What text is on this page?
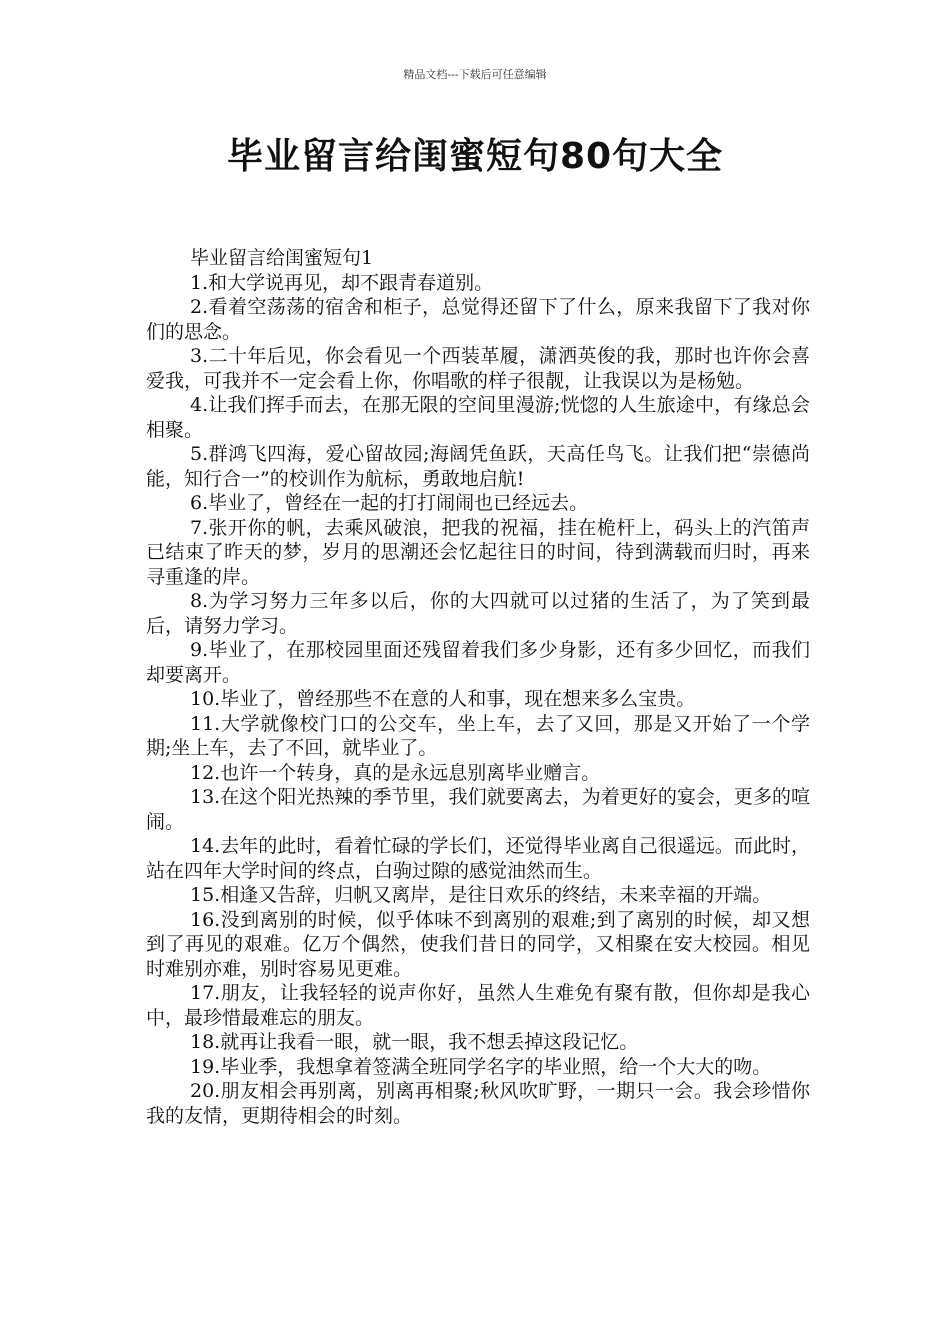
精品文档---下载后可任意编辑
毕业留言给闺蜜短句80句大全

毕业留言给闺蜜短句1

1.和大学说再见，却不跟青春道别。

2.看着空荡荡的宿舍和柜子，总觉得还留下了什么，原来我留下了我对你们的思念。

3.二十年后见，你会看见一个西装革履，潇洒英俊的我，那时也许你会喜爱我，可我并不一定会看上你，你唱歌的样子很靓，让我误以为是杨勉。

4.让我们挥手而去，在那无限的空间里漫游;恍惚的人生旅途中，有缘总会相聚。

5.群鸿飞四海，爱心留故园;海阔凭鱼跃，天高任鸟飞。让我们把“崇德尚能，知行合一”的校训作为航标，勇敢地启航!

6.毕业了，曾经在一起的打打闹闹也已经远去。

7.张开你的帆，去乘风破浪，把我的祝福，挂在桅杆上，码头上的汽笛声已结束了昨天的梦，岁月的思潮还会忆起往日的时间，待到满载而归时，再来寻重逢的岸。

8.为学习努力三年多以后，你的大四就可以过猪的生活了，为了笑到最后，请努力学习。

9.毕业了，在那校园里面还残留着我们多少身影，还有多少回忆，而我们却要离开。

10.毕业了，曾经那些不在意的人和事，现在想来多么宝贵。

11.大学就像校门口的公交车，坐上车，去了又回，那是又开始了一个学期;坐上车，去了不回，就毕业了。

12.也许一个转身，真的是永远息别离毕业赠言。

13.在这个阳光热辣的季节里，我们就要离去，为着更好的宴会，更多的喧闹。

14.去年的此时，看着忙碌的学长们，还觉得毕业离自己很遥远。而此时，站在四年大学时间的终点，白驹过隙的感觉油然而生。

15.相逢又告辞，归帆又离岸，是往日欢乐的终结，未来幸福的开端。

16.没到离别的时候，似乎体味不到离别的艰难;到了离别的时候，却又想到了再见的艰难。亿万个偶然，使我们昔日的同学，又相聚在安大校园。相见时难别亦难，别时容易见更难。

17.朋友，让我轻轻的说声你好，虽然人生难免有聚有散，但你却是我心中，最珍惜最难忘的朋友。

18.就再让我看一眼，就一眼，我不想丢掉这段记忆。

19.毕业季，我想拿着签满全班同学名字的毕业照，给一个大大的吻。

20.朋友相会再别离，别离再相聚;秋风吹旷野，一期只一会。我会珍惜你我的友情，更期待相会的时刻。
